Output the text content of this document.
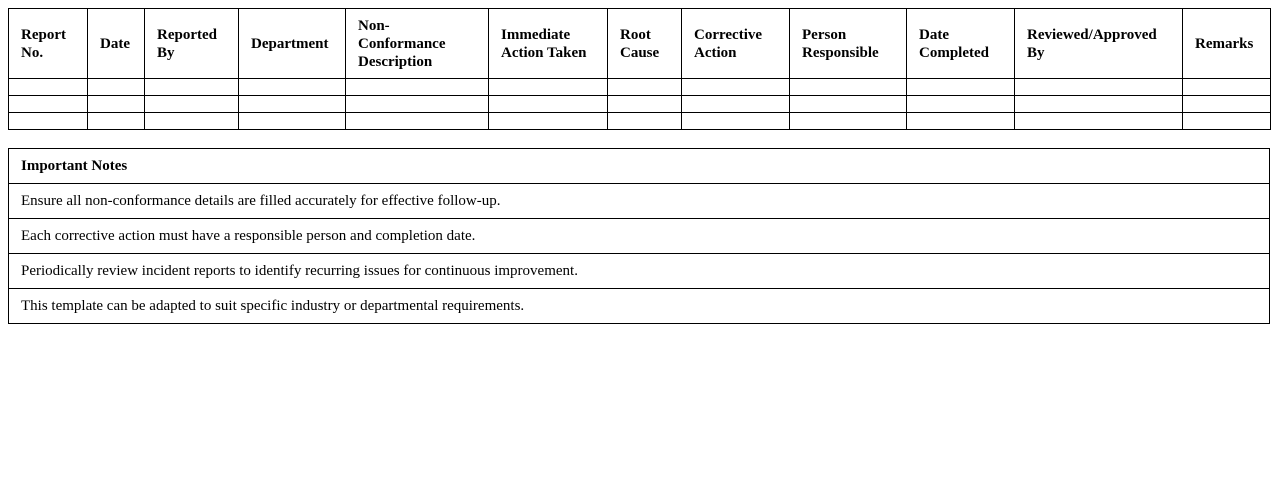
Report No.	Date	Reported By	Department	Non-Conformance Description	Immediate Action Taken	Root Cause	Corrective Action	Person Responsible	Date Completed	Reviewed/Approved By	Remarks

Important Notes
Ensure all non-conformance details are filled accurately for effective follow-up.
Each corrective action must have a responsible person and completion date.
Periodically review incident reports to identify recurring issues for continuous improvement.
This template can be adapted to suit specific industry or departmental requirements.
